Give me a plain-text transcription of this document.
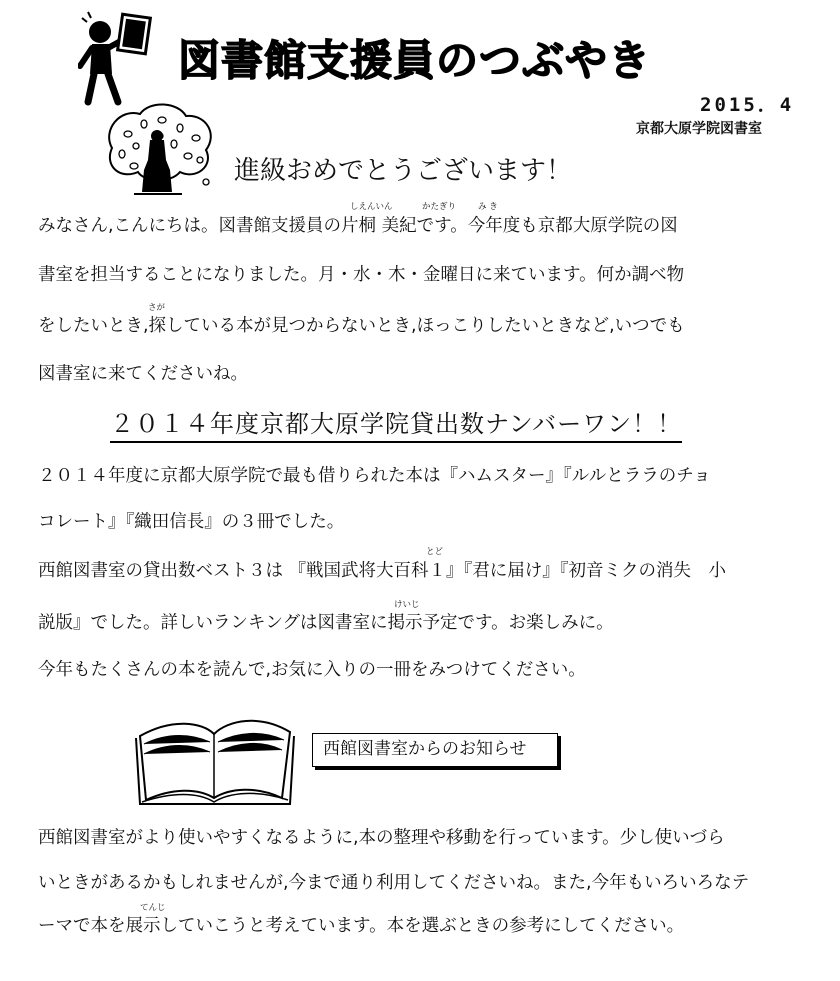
図書館支援員のつぶやき
2015．4
京都大原学院図書室
進級おめでとうございます！
しえんいん	かたぎり	み き
みなさん,こんにちは。図書館支援員の片桐 美紀です。今年度も京都大原学院の図
書室を担当することになりました。月・水・木・金曜日に来ています。何か調べ物
さが
をしたいとき,探している本が見つからないとき,ほっこりしたいときなど,いつでも
図書室に来てくださいね。
２０１４年度京都大原学院貸出数ナンバーワン！！
２０１４年度に京都大原学院で最も借りられた本は『ハムスター』『ルルとララのチョ
コレート』『織田信長』の３冊でした。
とど
西館図書室の貸出数ベスト３は 『戦国武将大百科１』『君に届け』『初音ミクの消失　小
けいじ
説版』でした。詳しいランキングは図書室に掲示予定です。お楽しみに。
今年もたくさんの本を読んで,お気に入りの一冊をみつけてください。
西館図書室からのお知らせ
西館図書室がより使いやすくなるように,本の整理や移動を行っています。少し使いづら
いときがあるかもしれませんが,今まで通り利用してくださいね。また,今年もいろいろなテ
てんじ
ーマで本を展示していこうと考えています。本を選ぶときの参考にしてください。
